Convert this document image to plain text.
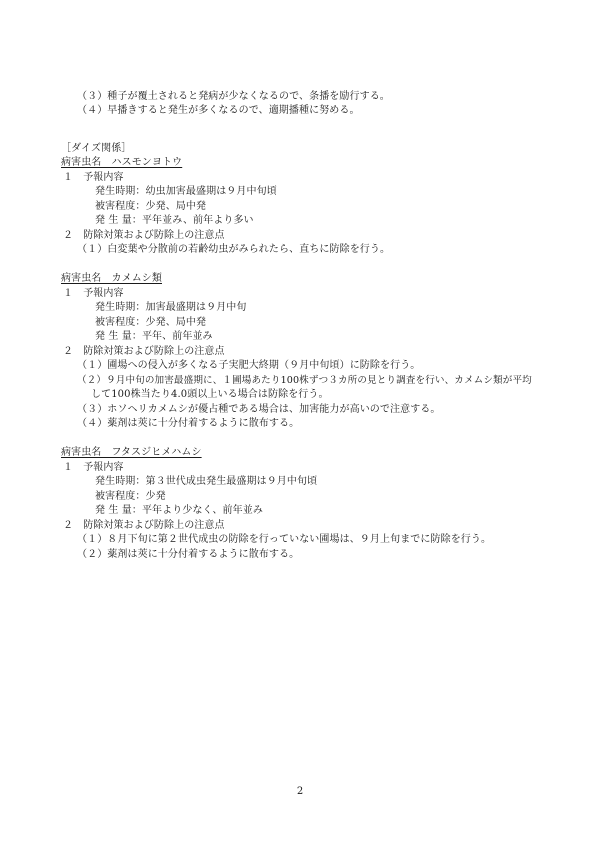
（３）種子が覆土されると発病が少なくなるので、条播を励行する。
（４）早播きすると発生が多くなるので、適期播種に努める。
［ダイズ関係］
病害虫名　ハスモンヨトウ
１　予報内容
発生時期：幼虫加害最盛期は９月中旬頃
被害程度：少発、局中発
発 生 量：平年並み、前年より多い
２　防除対策および防除上の注意点
（１）白変葉や分散前の若齢幼虫がみられたら、直ちに防除を行う。
病害虫名　カメムシ類
１　予報内容
発生時期：加害最盛期は９月中旬
被害程度：少発、局中発
発 生 量：平年、前年並み
２　防除対策および防除上の注意点
（１）圃場への侵入が多くなる子実肥大終期（９月中旬頃）に防除を行う。
（２）９月中旬の加害最盛期に、１圃場あたり100株ずつ３カ所の見とり調査を行い、カメムシ類が平均
して100株当たり4.0頭以上いる場合は防除を行う。
（３）ホソヘリカメムシが優占種である場合は、加害能力が高いので注意する。
（４）薬剤は莢に十分付着するように散布する。
病害虫名　フタスジヒメハムシ
１　予報内容
発生時期：第３世代成虫発生最盛期は９月中旬頃
被害程度：少発
発 生 量：平年より少なく、前年並み
２　防除対策および防除上の注意点
（１）８月下旬に第２世代成虫の防除を行っていない圃場は、９月上旬までに防除を行う。
（２）薬剤は莢に十分付着するように散布する。
2
